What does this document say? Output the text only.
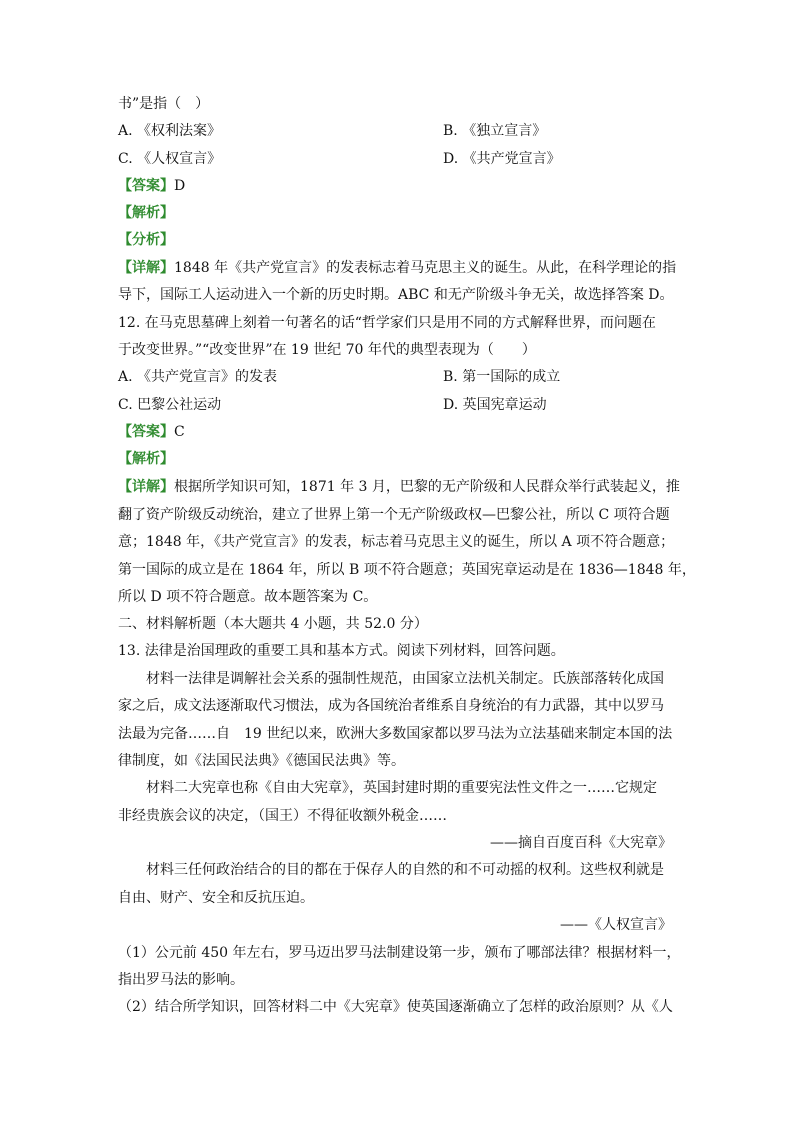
书”是指（　）
A. 《权利法案》	B. 《独立宣言》
C. 《人权宣言》	D. 《共产党宣言》
【答案】D
【解析】
【分析】
【详解】1848 年《共产党宣言》的发表标志着马克思主义的诞生。从此，在科学理论的指
导下，国际工人运动进入一个新的历史时期。ABC 和无产阶级斗争无关，故选择答案 D。
12. 在马克思墓碑上刻着一句著名的话“哲学家们只是用不同的方式解释世界，而问题在
于改变世界。”“改变世界”在 19 世纪 70 年代的典型表现为（　　）
A. 《共产党宣言》的发表	B. 第一国际的成立
C. 巴黎公社运动	D. 英国宪章运动
【答案】C
【解析】
【详解】根据所学知识可知，1871 年 3 月，巴黎的无产阶级和人民群众举行武装起义，推
翻了资产阶级反动统治，建立了世界上第一个无产阶级政权—巴黎公社，所以 C 项符合题
意；1848 年，《共产党宣言》的发表，标志着马克思主义的诞生，所以 A 项不符合题意；
第一国际的成立是在 1864 年，所以 B 项不符合题意；英国宪章运动是在 1836—1848 年，
所以 D 项不符合题意。故本题答案为 C。
二、材料解析题（本大题共 4 小题，共 52.0 分）
13. 法律是治国理政的重要工具和基本方式。阅读下列材料，回答问题。
材料一法律是调解社会关系的强制性规范，由国家立法机关制定。氏族部落转化成国
家之后，成文法逐渐取代习惯法，成为各国统治者维系自身统治的有力武器，其中以罗马
法最为完备……自　19 世纪以来，欧洲大多数国家都以罗马法为立法基础来制定本国的法
律制度，如《法国民法典》《德国民法典》等。
材料二大宪章也称《自由大宪章》，英国封建时期的重要宪法性文件之一……它规定
非经贵族会议的决定，（国王）不得征收额外税金……
——摘自百度百科《大宪章》
材料三任何政治结合的目的都在于保存人的自然的和不可动摇的权利。这些权利就是
自由、财产、安全和反抗压迫。
——《人权宣言》
（1）公元前 450 年左右，罗马迈出罗马法制建设第一步，颁布了哪部法律？根据材料一，
指出罗马法的影响。
（2）结合所学知识，回答材料二中《大宪章》使英国逐渐确立了怎样的政治原则？从《人
